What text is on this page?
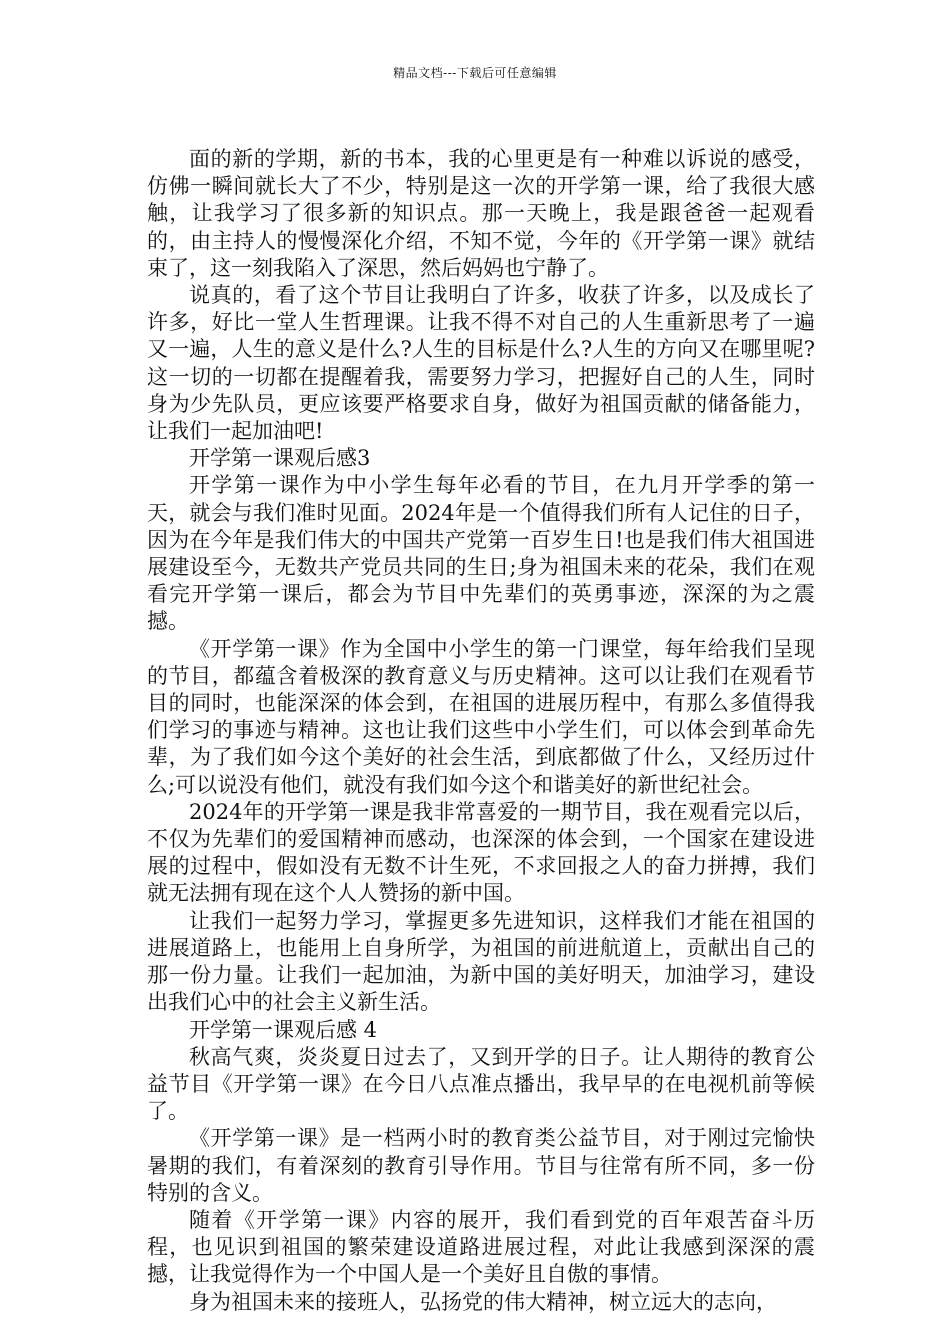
精品文档---下载后可任意编辑

面的新的学期，新的书本，我的心里更是有一种难以诉说的感受，仿佛一瞬间就长大了不少，特别是这一次的开学第一课，给了我很大感触，让我学习了很多新的知识点。那一天晚上，我是跟爸爸一起观看的，由主持人的慢慢深化介绍，不知不觉，今年的《开学第一课》就结束了，这一刻我陷入了深思，然后妈妈也宁静了。

说真的，看了这个节目让我明白了许多，收获了许多，以及成长了许多，好比一堂人生哲理课。让我不得不对自己的人生重新思考了一遍又一遍，人生的意义是什么?人生的目标是什么?人生的方向又在哪里呢?这一切的一切都在提醒着我，需要努力学习，把握好自己的人生，同时身为少先队员，更应该要严格要求自身，做好为祖国贡献的储备能力，让我们一起加油吧!

开学第一课观后感3

开学第一课作为中小学生每年必看的节目，在九月开学季的第一天，就会与我们准时见面。2024年是一个值得我们所有人记住的日子，因为在今年是我们伟大的中国共产党第一百岁生日!也是我们伟大祖国进展建设至今，无数共产党员共同的生日;身为祖国未来的花朵，我们在观看完开学第一课后，都会为节目中先辈们的英勇事迹，深深的为之震撼。

《开学第一课》作为全国中小学生的第一门课堂，每年给我们呈现的节目，都蕴含着极深的教育意义与历史精神。这可以让我们在观看节目的同时，也能深深的体会到，在祖国的进展历程中，有那么多值得我们学习的事迹与精神。这也让我们这些中小学生们，可以体会到革命先辈，为了我们如今这个美好的社会生活，到底都做了什么，又经历过什么;可以说没有他们，就没有我们如今这个和谐美好的新世纪社会。

2024年的开学第一课是我非常喜爱的一期节目，我在观看完以后，不仅为先辈们的爱国精神而感动，也深深的体会到，一个国家在建设进展的过程中，假如没有无数不计生死，不求回报之人的奋力拼搏，我们就无法拥有现在这个人人赞扬的新中国。

让我们一起努力学习，掌握更多先进知识，这样我们才能在祖国的进展道路上，也能用上自身所学，为祖国的前进航道上，贡献出自己的那一份力量。让我们一起加油，为新中国的美好明天，加油学习，建设出我们心中的社会主义新生活。

开学第一课观后感 4

秋高气爽，炎炎夏日过去了，又到开学的日子。让人期待的教育公益节目《开学第一课》在今日八点准点播出，我早早的在电视机前等候了。

《开学第一课》是一档两小时的教育类公益节目，对于刚过完愉快暑期的我们，有着深刻的教育引导作用。节目与往常有所不同，多一份特别的含义。

随着《开学第一课》内容的展开，我们看到党的百年艰苦奋斗历程，也见识到祖国的繁荣建设道路进展过程，对此让我感到深深的震撼，让我觉得作为一个中国人是一个美好且自傲的事情。

身为祖国未来的接班人，弘扬党的伟大精神，树立远大的志向，
